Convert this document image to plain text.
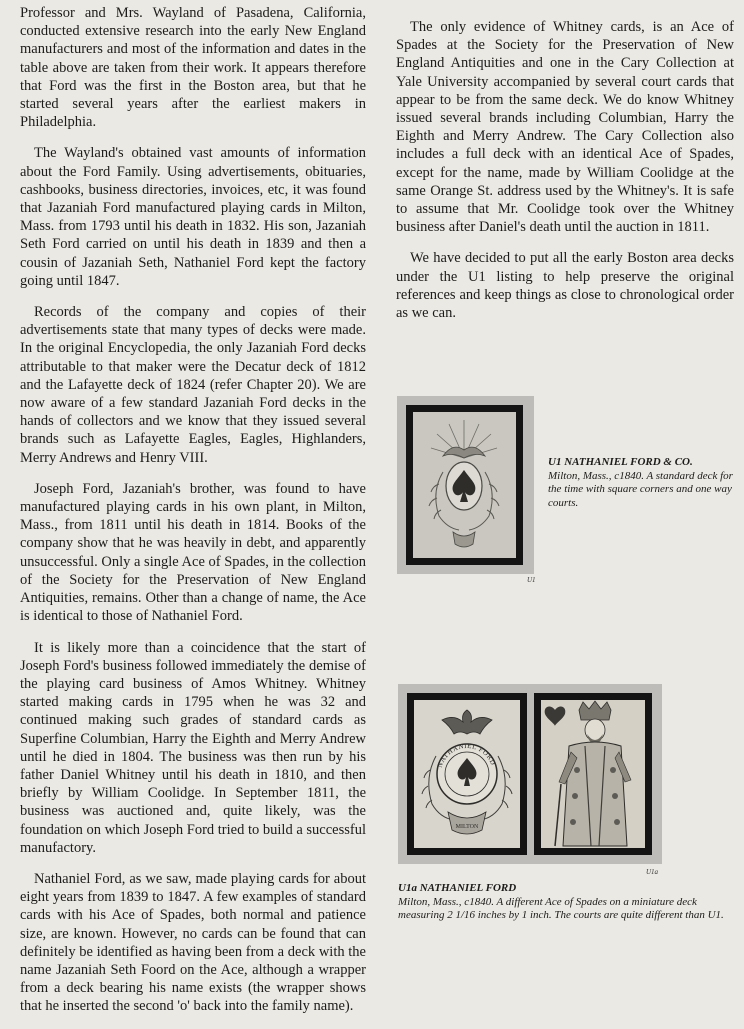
Professor and Mrs. Wayland of Pasadena, California, conducted extensive research into the early New England manufacturers and most of the information and dates in the table above are taken from their work. It appears therefore that Ford was the first in the Boston area, but that he started several years after the earliest makers in Philadelphia.

The Wayland's obtained vast amounts of information about the Ford Family. Using advertisements, obituaries, cashbooks, business directories, invoices, etc, it was found that Jazaniah Ford manufactured playing cards in Milton, Mass. from 1793 until his death in 1832. His son, Jazaniah Seth Ford carried on until his death in 1839 and then a cousin of Jazaniah Seth, Nathaniel Ford kept the factory going until 1847.

Records of the company and copies of their advertisements state that many types of decks were made. In the original Encyclopedia, the only Jazaniah Ford decks attributable to that maker were the Decatur deck of 1812 and the Lafayette deck of 1824 (refer Chapter 20). We are now aware of a few standard Jazaniah Ford decks in the hands of collectors and we know that they issued several brands such as Lafayette Eagles, Eagles, Highlanders, Merry Andrews and Henry VIII.

Joseph Ford, Jazaniah's brother, was found to have manufactured playing cards in his own plant, in Milton, Mass., from 1811 until his death in 1814. Books of the company show that he was heavily in debt, and apparently unsuccessful. Only a single Ace of Spades, in the collection of the Society for the Preservation of New England Antiquities, remains. Other than a change of name, the Ace is identical to those of Nathaniel Ford.

It is likely more than a coincidence that the start of Joseph Ford's business followed immediately the demise of the playing card business of Amos Whitney. Whitney started making cards in 1795 when he was 32 and continued making such grades of standard cards as Superfine Columbian, Harry the Eighth and Merry Andrew until he died in 1804. The business was then run by his father Daniel Whitney until his death in 1810, and then briefly by William Coolidge. In September 1811, the business was auctioned and, quite likely, was the foundation on which Joseph Ford tried to build a successful manufactory.

Nathaniel Ford, as we saw, made playing cards for about eight years from 1839 to 1847. A few examples of standard cards with his Ace of Spades, both normal and patience size, are known. However, no cards can be found that can definitely be identified as having been from a deck with the name Jazaniah Seth Foord on the Ace, although a wrapper from a deck bearing his name exists (the wrapper shows that he inserted the second 'o' back into the family name).

The only evidence of Whitney cards, is an Ace of Spades at the Society for the Preservation of New England Antiquities and one in the Cary Collection at Yale University accompanied by several court cards that appear to be from the same deck. We do know Whitney issued several brands including Columbian, Harry the Eighth and Merry Andrew. The Cary Collection also includes a full deck with an identical Ace of Spades, except for the name, made by William Coolidge at the same Orange St. address used by the Whitney's. It is safe to assume that Mr. Coolidge took over the Whitney business after Daniel's death until the auction in 1811.

We have decided to put all the early Boston area decks under the U1 listing to help preserve the original references and keep things as close to chronological order as we can.

U1
U1 NATHANIEL FORD & CO.
Milton, Mass., c1840. A standard deck for the time with square corners and one way courts.
NATHANIEL FORD
MILTON
U1a
U1a NATHANIEL FORD
Milton, Mass., c1840. A different Ace of Spades on a miniature deck measuring 2 1/16 inches by 1 inch. The courts are quite different than U1.
